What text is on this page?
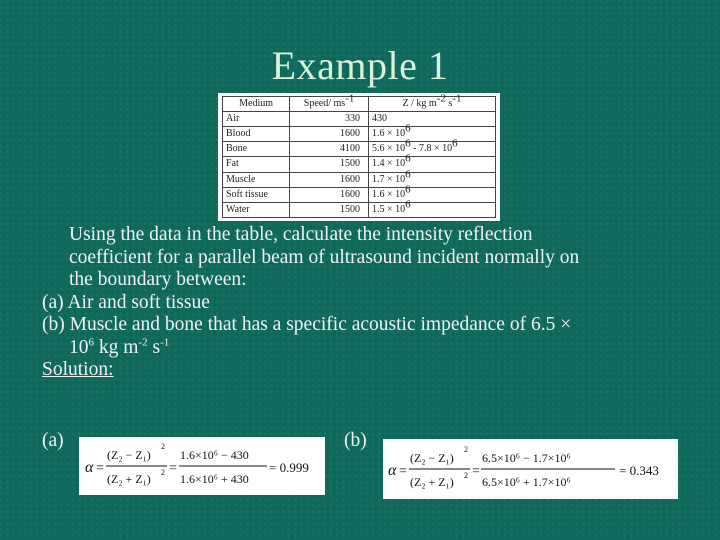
Example 1
Medium	Speed/ $ms^{-1}$	Z / kg $m^{-2}$ $s^{-1}$
Air	330	430
Blood	1600	$1.6 \times 10^6$
Bone	4100	$5.6 \times 10^6 - 7.8 \times 10^6$
Fat	1500	$1.4 \times 10^6$
Muscle	1600	$1.7 \times 10^6$
Soft tissue	1600	$1.6 \times 10^6$
Water	1500	$1.5 \times 10^6$

Using the data in the table, calculate the intensity reflection

coefficient for a parallel beam of ultrasound incident normally on

the boundary between:

(a) Air and soft tissue

(b) Muscle and bone that has a specific acoustic impedance of 6.5 ×

$10^6$ kg $m^{-2}$ $s^{-1}$

Solution:

(a)	(b)
α =
(Z₂ − Z₁)
(Z₂ + Z₁)
2
2 =
1.6×10⁶ − 430
1.6×10⁶ + 430
= 0.999	α =
(Z₂ − Z₁)
(Z₂ + Z₁)
2
2 =
6.5×10⁶ − 1.7×10⁶
6.5×10⁶ + 1.7×10⁶
= 0.343
